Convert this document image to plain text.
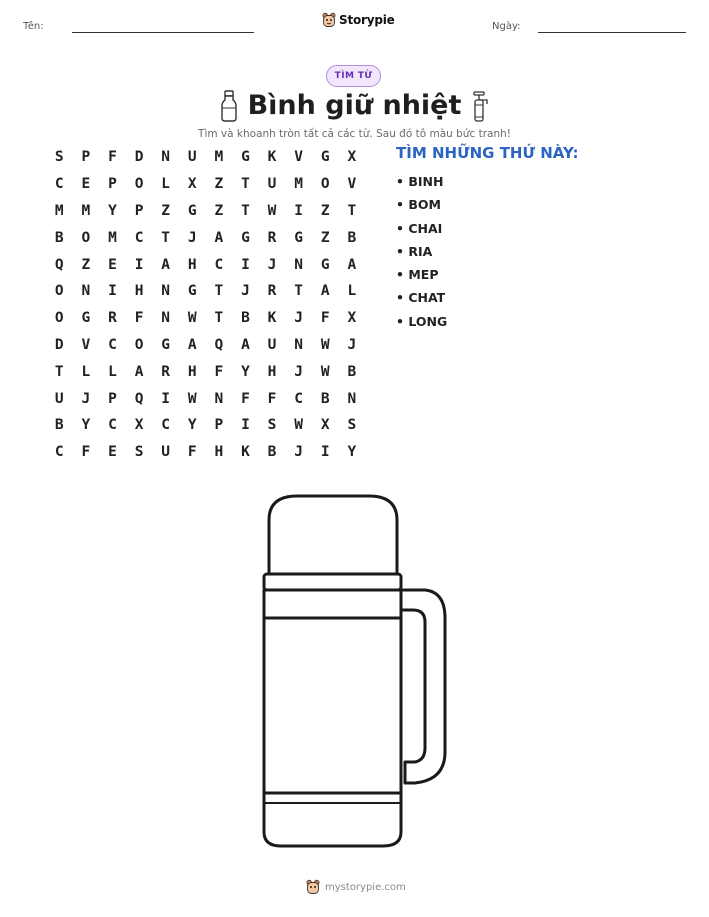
Tên:	Storypie	Ngày:
TÌM TỪ
Bình giữ nhiệt
Tìm và khoanh tròn tất cả các từ. Sau đó tô màu bức tranh!
S	P	F	D	N	U	M	G	K	V	G	X
C	E	P	O	L	X	Z	T	U	M	O	V
M	M	Y	P	Z	G	Z	T	W	I	Z	T
B	O	M	C	T	J	A	G	R	G	Z	B
Q	Z	E	I	A	H	C	I	J	N	G	A
O	N	I	H	N	G	T	J	R	T	A	L
O	G	R	F	N	W	T	B	K	J	F	X
D	V	C	O	G	A	Q	A	U	N	W	J
T	L	L	A	R	H	F	Y	H	J	W	B
U	J	P	Q	I	W	N	F	F	C	B	N
B	Y	C	X	C	Y	P	I	S	W	X	S
C	F	E	S	U	F	H	K	B	J	I	Y
TÌM NHỮNG THỨ NÀY:
• BINH
• BOM
• CHAI
• RIA
• MEP
• CHAT
• LONG
mystorypie.com
